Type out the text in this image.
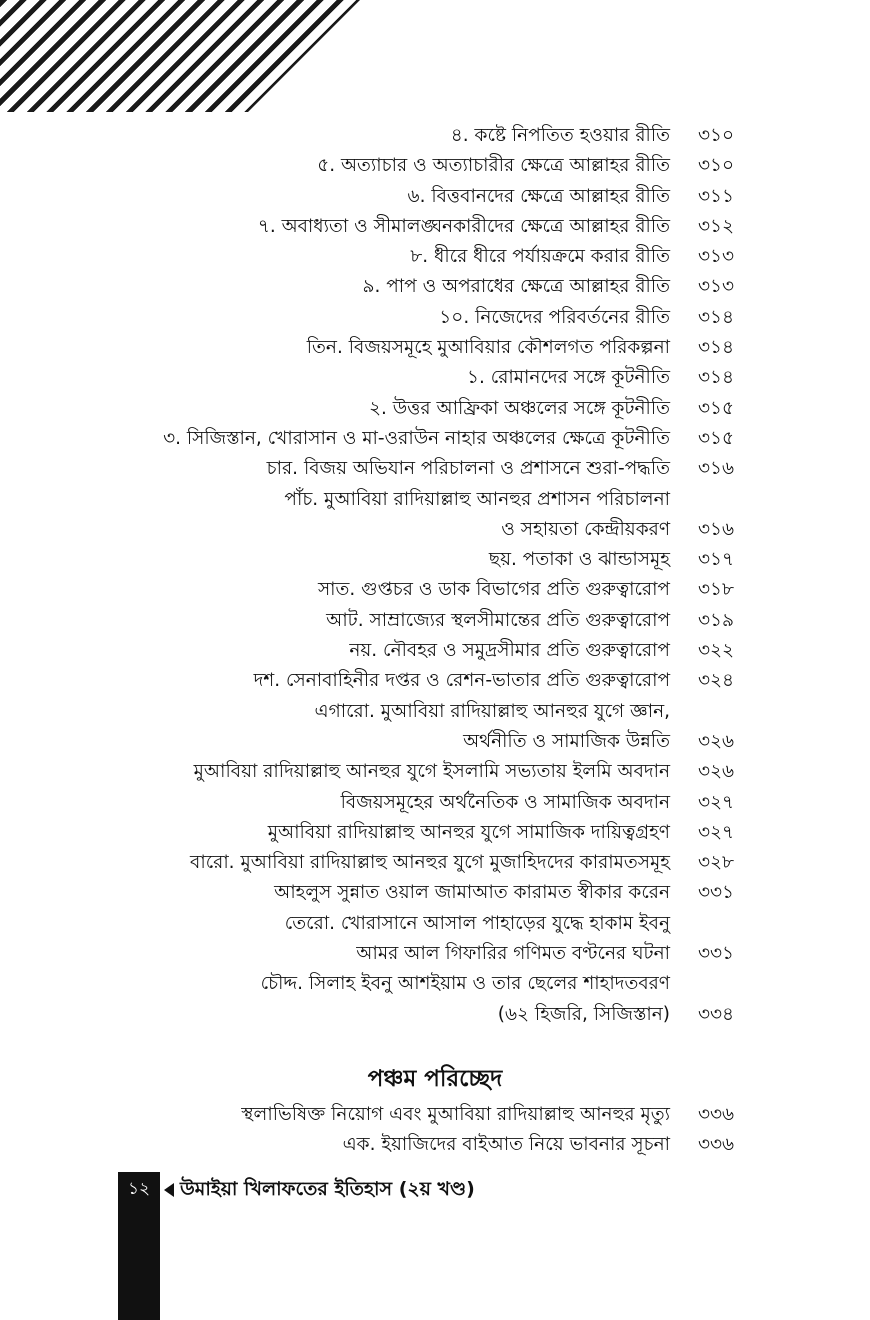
৪. কষ্টে নিপতিত হওয়ার রীতি ৩১০
৫. অত্যাচার ও অত্যাচারীর ক্ষেত্রে আল্লাহর রীতি ৩১০
৬. বিত্তবানদের ক্ষেত্রে আল্লাহর রীতি ৩১১
৭. অবাধ্যতা ও সীমালঙ্ঘনকারীদের ক্ষেত্রে আল্লাহর রীতি ৩১২
৮. ধীরে ধীরে পর্যায়ক্রমে করার রীতি ৩১৩
৯. পাপ ও অপরাধের ক্ষেত্রে আল্লাহর রীতি ৩১৩
১০. নিজেদের পরিবর্তনের রীতি ৩১৪
তিন. বিজয়সমূহে মুআবিয়ার কৌশলগত পরিকল্পনা ৩১৪
১. রোমানদের সঙ্গে কূটনীতি ৩১৪
২. উত্তর আফ্রিকা অঞ্চলের সঙ্গে কূটনীতি ৩১৫
৩. সিজিস্তান, খোরাসান ও মা-ওরাউন নাহার অঞ্চলের ক্ষেত্রে কূটনীতি ৩১৫
চার. বিজয় অভিযান পরিচালনা ও প্রশাসনে শুরা-পদ্ধতি ৩১৬
পাঁচ. মুআবিয়া রাদিয়াল্লাহু আনহুর প্রশাসন পরিচালনা
ও সহায়তা কেন্দ্রীয়করণ ৩১৬
ছয়. পতাকা ও ঝান্ডাসমূহ ৩১৭
সাত. গুপ্তচর ও ডাক বিভাগের প্রতি গুরুত্বারোপ ৩১৮
আট. সাম্রাজ্যের স্থলসীমান্তের প্রতি গুরুত্বারোপ ৩১৯
নয়. নৌবহর ও সমুদ্রসীমার প্রতি গুরুত্বারোপ ৩২২
দশ. সেনাবাহিনীর দপ্তর ও রেশন-ভাতার প্রতি গুরুত্বারোপ ৩২৪
এগারো. মুআবিয়া রাদিয়াল্লাহু আনহুর যুগে জ্ঞান,
অর্থনীতি ও সামাজিক উন্নতি ৩২৬
মুআবিয়া রাদিয়াল্লাহু আনহুর যুগে ইসলামি সভ্যতায় ইলমি অবদান ৩২৬
বিজয়সমূহের অর্থনৈতিক ও সামাজিক অবদান ৩২৭
মুআবিয়া রাদিয়াল্লাহু আনহুর যুগে সামাজিক দায়িত্বগ্রহণ ৩২৭
বারো. মুআবিয়া রাদিয়াল্লাহু আনহুর যুগে মুজাহিদদের কারামতসমূহ ৩২৮
আহলুস সুন্নাত ওয়াল জামাআত কারামত স্বীকার করেন ৩৩১
তেরো. খোরাসানে আসাল পাহাড়ের যুদ্ধে হাকাম ইবনু
আমর আল গিফারির গণিমত বণ্টনের ঘটনা ৩৩১
চৌদ্দ. সিলাহ ইবনু আশইয়াম ও তার ছেলের শাহাদতবরণ
(৬২ হিজরি, সিজিস্তান) ৩৩৪
পঞ্চম পরিচ্ছেদ
স্থলাভিষিক্ত নিয়োগ এবং মুআবিয়া রাদিয়াল্লাহু আনহুর মৃত্যু ৩৩৬
এক. ইয়াজিদের বাইআত নিয়ে ভাবনার সূচনা ৩৩৬
১২	উমাইয়া খিলাফতের ইতিহাস (২য় খণ্ড)
